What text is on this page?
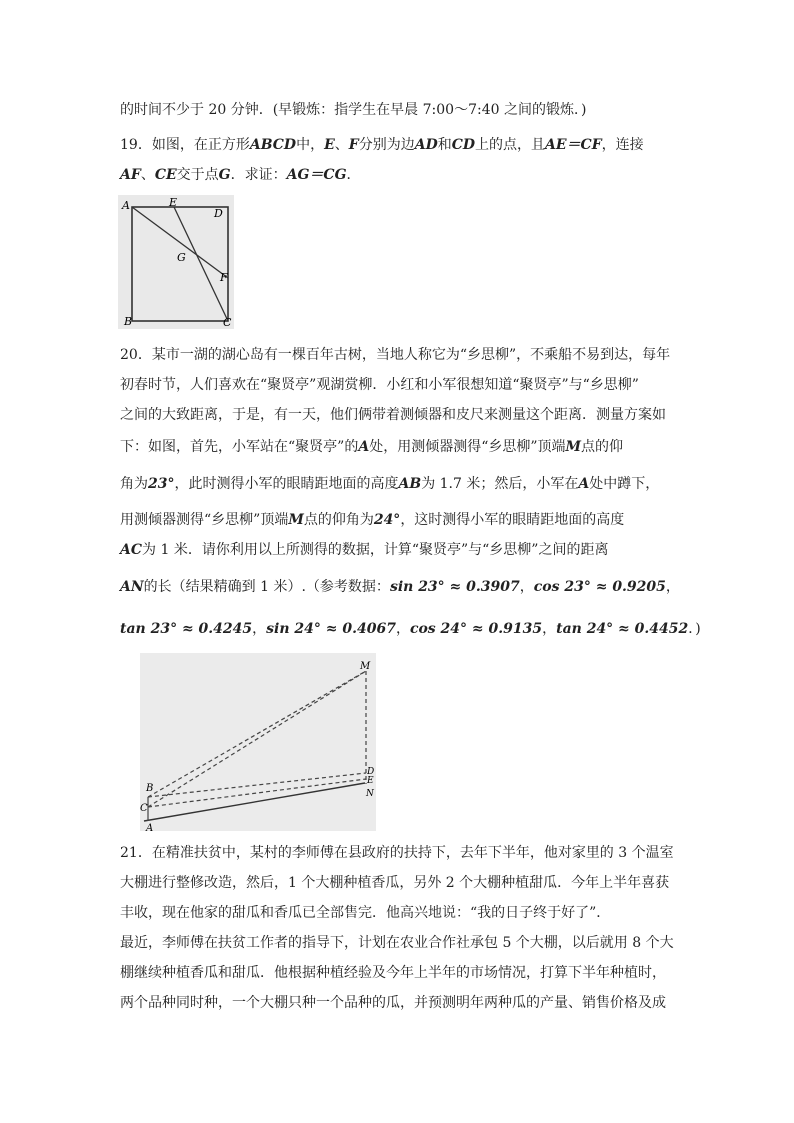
的时间不少于 20 分钟．(早锻炼：指学生在早晨 7:00～7:40 之间的锻炼．)
19．如图，在正方形ABCD中，E、F分别为边AD和CD上的点，且AE＝CF，连接
AF、CE交于点G．求证：AG＝CG．
A	E
D
G
F
B	C
20．某市一湖的湖心岛有一棵百年古树，当地人称它为“乡思柳”，不乘船不易到达，每年
初春时节，人们喜欢在“聚贤亭”观湖赏柳．小红和小军很想知道“聚贤亭”与“乡思柳”
之间的大致距离，于是，有一天，他们俩带着测倾器和皮尺来测量这个距离．测量方案如
下：如图，首先，小军站在“聚贤亭”的A处，用测倾器测得“乡思柳”顶端M点的仰
角为23°，此时测得小军的眼睛距地面的高度AB为 1.7 米；然后，小军在A处中蹲下，
用测倾器测得“乡思柳”顶端M点的仰角为24°，这时测得小军的眼睛距地面的高度
AC为 1 米．请你利用以上所测得的数据，计算“聚贤亭”与“乡思柳”之间的距离
AN的长（结果精确到 1 米）.（参考数据：sin 23° ≈ 0.3907，cos 23° ≈ 0.9205，
tan 23° ≈ 0.4245，sin 24° ≈ 0.4067，cos 24° ≈ 0.9135，tan 24° ≈ 0.4452．)
M
B
C
A
D
E
N
21．在精准扶贫中，某村的李师傅在县政府的扶持下，去年下半年，他对家里的 3 个温室
大棚进行整修改造，然后，1 个大棚种植香瓜，另外 2 个大棚种植甜瓜．今年上半年喜获
丰收，现在他家的甜瓜和香瓜已全部售完．他高兴地说：“我的日子终于好了”．
最近，李师傅在扶贫工作者的指导下，计划在农业合作社承包 5 个大棚，以后就用 8 个大
棚继续种植香瓜和甜瓜．他根据种植经验及今年上半年的市场情况，打算下半年种植时，
两个品种同时种，一个大棚只种一个品种的瓜，并预测明年两种瓜的产量、销售价格及成
